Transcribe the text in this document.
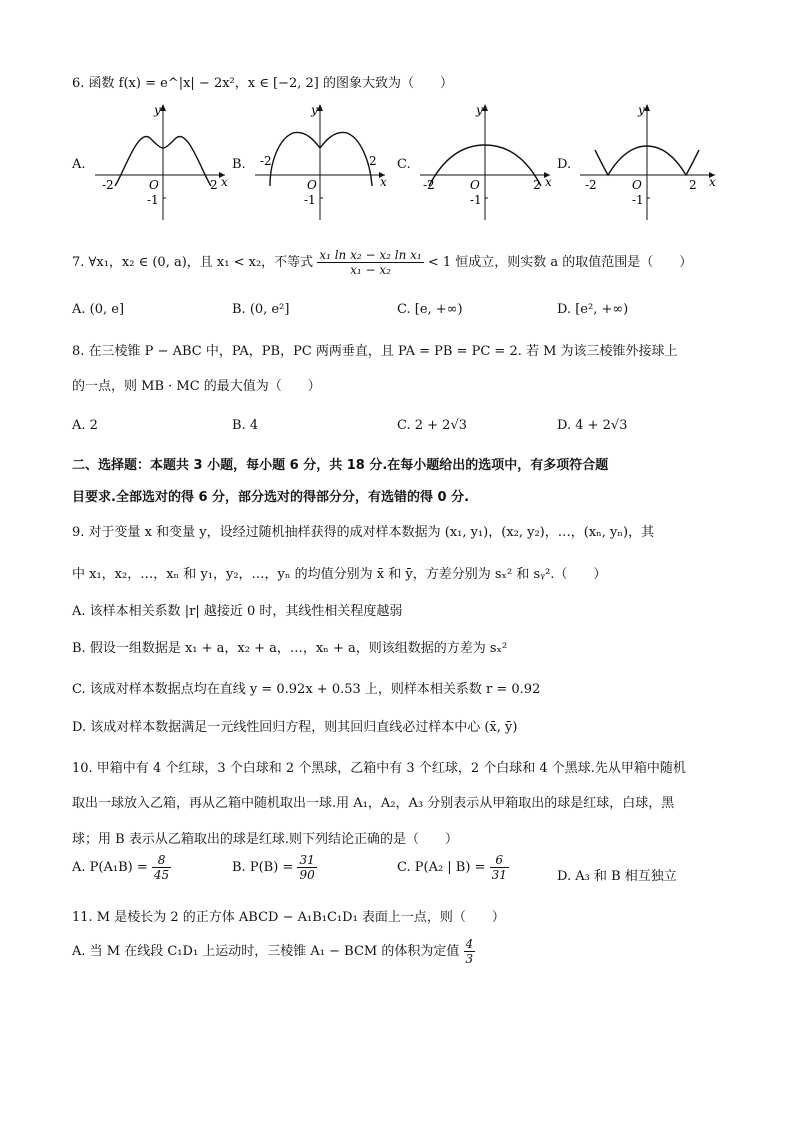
6. 函数 f(x) = e^|x| − 2x²，x ∈ [−2, 2] 的图象大致为（　　）
A.	B.	C.	D.
y
x
O
-2	2
-1
y
x
O
-2	2
-1
y
x
O
-2	2
-1
y
x
O
-2	2
-1
7. ∀x₁，x₂ ∈ (0, a)，且 x₁ < x₂，不等式 $\frac{\text{x₁ ln x₂ − x₂ ln x₁}}{\text{x₁ − x₂}} < 1$ 恒成立，则实数 a 的取值范围是（　　）
A. (0, e]	B. (0, e²]	C. [e, +∞)	D. [e², +∞)
8. 在三棱锥 P − ABC 中，PA，PB，PC 两两垂直，且 PA = PB = PC = 2. 若 M 为该三棱锥外接球上
的一点，则 MB · MC 的最大值为（　　）
A. 2	B. 4	C. 2 + 2√3	D. 4 + 2√3
二、选择题：本题共 3 小题，每小题 6 分，共 18 分.在每小题给出的选项中，有多项符合题
目要求.全部选对的得 6 分，部分选对的得部分分，有选错的得 0 分.
9. 对于变量 x 和变量 y，设经过随机抽样获得的成对样本数据为 (x₁, y₁)，(x₂, y₂)，…，(xₙ, yₙ)，其
中 x₁，x₂，…，xₙ 和 y₁，y₂，…，yₙ 的均值分别为 x̄ 和 ȳ，方差分别为 sₓ² 和 sᵧ².（　　）
A. 该样本相关系数 |r| 越接近 0 时，其线性相关程度越弱
B. 假设一组数据是 x₁ + a，x₂ + a，…，xₙ + a，则该组数据的方差为 sₓ²
C. 该成对样本数据点均在直线 y = 0.92x + 0.53 上，则样本相关系数 r = 0.92
D. 该成对样本数据满足一元线性回归方程，则其回归直线必过样本中心 (x̄, ȳ)
10. 甲箱中有 4 个红球，3 个白球和 2 个黑球，乙箱中有 3 个红球，2 个白球和 4 个黑球.先从甲箱中随机
取出一球放入乙箱，再从乙箱中随机取出一球.用 A₁，A₂，A₃ 分别表示从甲箱取出的球是红球，白球，黑
球；用 B 表示从乙箱取出的球是红球.则下列结论正确的是（　　）
A. $P(A_1B) = \frac{8}{45}$	B. $P(B) = \frac{31}{90}$	C. P(A₂ | $B) = \frac{6}{31}$	D. A₃ 和 B 相互独立
11. M 是棱长为 2 的正方体 ABCD − A₁B₁C₁D₁ 表面上一点，则（　　）
A. 当 M 在线段 C₁D₁ 上运动时，三棱锥 A₁ − BCM 的体积为定值 $\frac{4}{3}$
